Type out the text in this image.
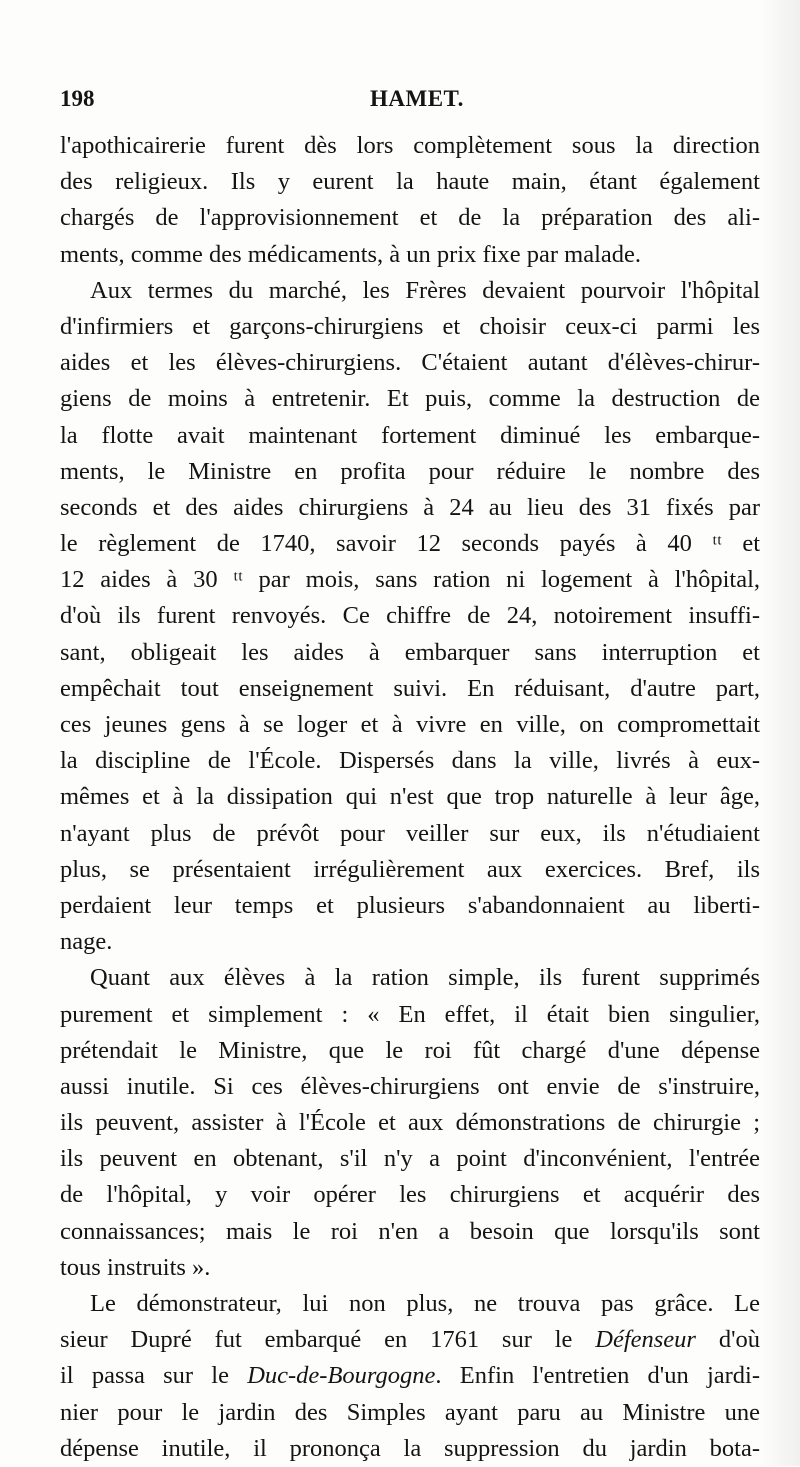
198	HAMET.
l'apothicairerie furent dès lors complètement sous la direction
des religieux. Ils y eurent la haute main, étant également
chargés de l'approvisionnement et de la préparation des ali-
ments, comme des médicaments, à un prix fixe par malade.
Aux termes du marché, les Frères devaient pourvoir l'hôpital
d'infirmiers et garçons-chirurgiens et choisir ceux-ci parmi les
aides et les élèves-chirurgiens. C'étaient autant d'élèves-chirur-
giens de moins à entretenir. Et puis, comme la destruction de
la flotte avait maintenant fortement diminué les embarque-
ments, le Ministre en profita pour réduire le nombre des
seconds et des aides chirurgiens à 24 au lieu des 31 fixés par
le règlement de 1740, savoir 12 seconds payés à 40 ᵗᵗ et
12 aides à 30 ᵗᵗ par mois, sans ration ni logement à l'hôpital,
d'où ils furent renvoyés. Ce chiffre de 24, notoirement insuffi-
sant, obligeait les aides à embarquer sans interruption et
empêchait tout enseignement suivi. En réduisant, d'autre part,
ces jeunes gens à se loger et à vivre en ville, on compromettait
la discipline de l'École. Dispersés dans la ville, livrés à eux-
mêmes et à la dissipation qui n'est que trop naturelle à leur âge,
n'ayant plus de prévôt pour veiller sur eux, ils n'étudiaient
plus, se présentaient irrégulièrement aux exercices. Bref, ils
perdaient leur temps et plusieurs s'abandonnaient au liberti-
nage.
Quant aux élèves à la ration simple, ils furent supprimés
purement et simplement : « En effet, il était bien singulier,
prétendait le Ministre, que le roi fût chargé d'une dépense
aussi inutile. Si ces élèves-chirurgiens ont envie de s'instruire,
ils peuvent, assister à l'École et aux démonstrations de chirurgie ;
ils peuvent en obtenant, s'il n'y a point d'inconvénient, l'entrée
de l'hôpital, y voir opérer les chirurgiens et acquérir des
connaissances; mais le roi n'en a besoin que lorsqu'ils sont
tous instruits ».
Le démonstrateur, lui non plus, ne trouva pas grâce. Le
sieur Dupré fut embarqué en 1761 sur le Défenseur d'où
il passa sur le Duc-de-Bourgogne. Enfin l'entretien d'un jardi-
nier pour le jardin des Simples ayant paru au Ministre une
dépense inutile, il prononça la suppression du jardin bota-
